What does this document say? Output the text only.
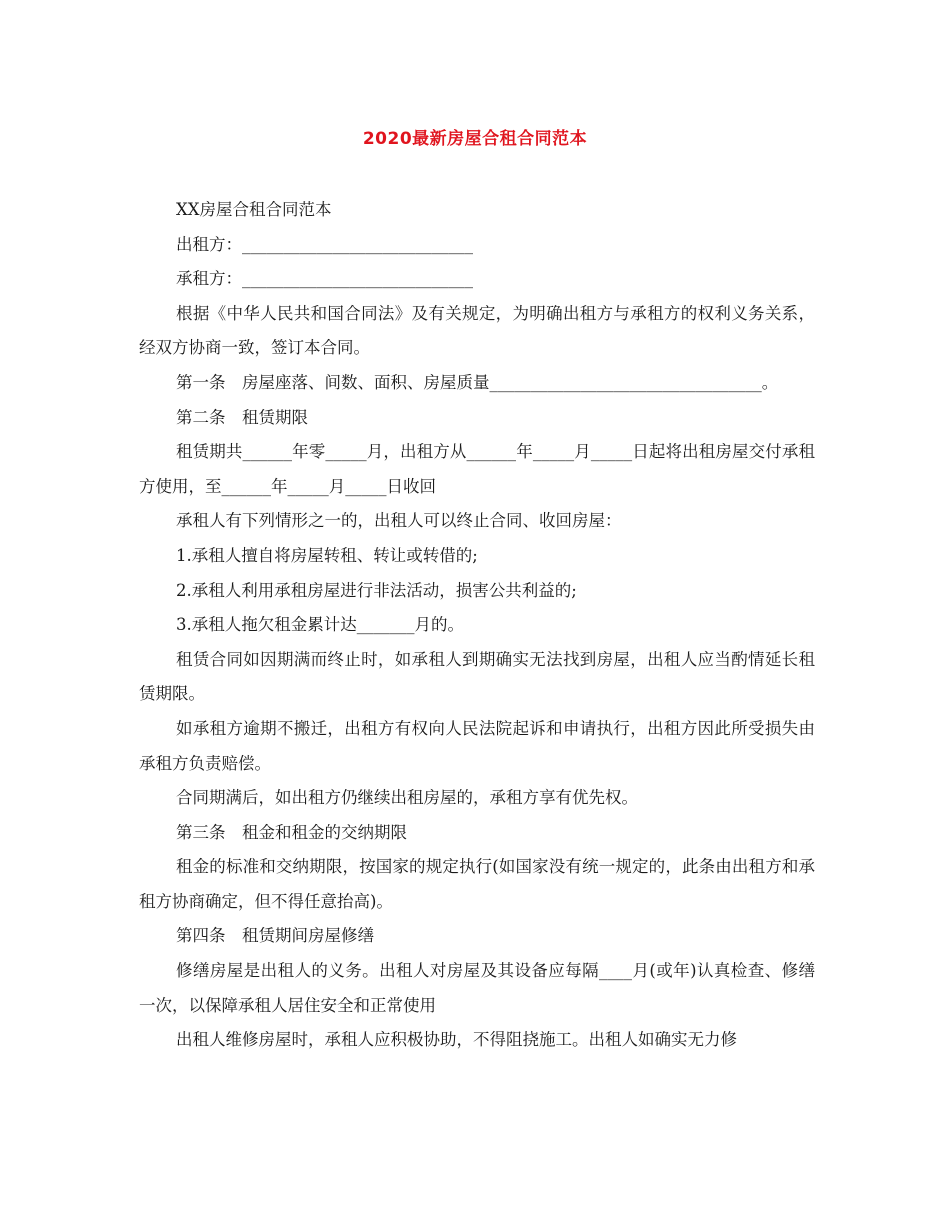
2020最新房屋合租合同范本

XX房屋合租合同范本

出租方：____________________________

承租方：____________________________

根据《中华人民共和国合同法》及有关规定，为明确出租方与承租方的权利义务关系，经双方协商一致，签订本合同。

第一条　房屋座落、间数、面积、房屋质量_________________________________。

第二条　租赁期限

租赁期共______年零_____月，出租方从______年_____月_____日起将出租房屋交付承租方使用，至______年_____月_____日收回

承租人有下列情形之一的，出租人可以终止合同、收回房屋：

1.承租人擅自将房屋转租、转让或转借的;

2.承租人利用承租房屋进行非法活动，损害公共利益的;

3.承租人拖欠租金累计达_______月的。

租赁合同如因期满而终止时，如承租人到期确实无法找到房屋，出租人应当酌情延长租赁期限。

如承租方逾期不搬迁，出租方有权向人民法院起诉和申请执行，出租方因此所受损失由承租方负责赔偿。

合同期满后，如出租方仍继续出租房屋的，承租方享有优先权。

第三条　租金和租金的交纳期限

租金的标准和交纳期限，按国家的规定执行(如国家没有统一规定的，此条由出租方和承租方协商确定，但不得任意抬高)。

第四条　租赁期间房屋修缮

修缮房屋是出租人的义务。出租人对房屋及其设备应每隔____月(或年)认真检查、修缮一次，以保障承租人居住安全和正常使用

出租人维修房屋时，承租人应积极协助，不得阻挠施工。出租人如确实无力修
